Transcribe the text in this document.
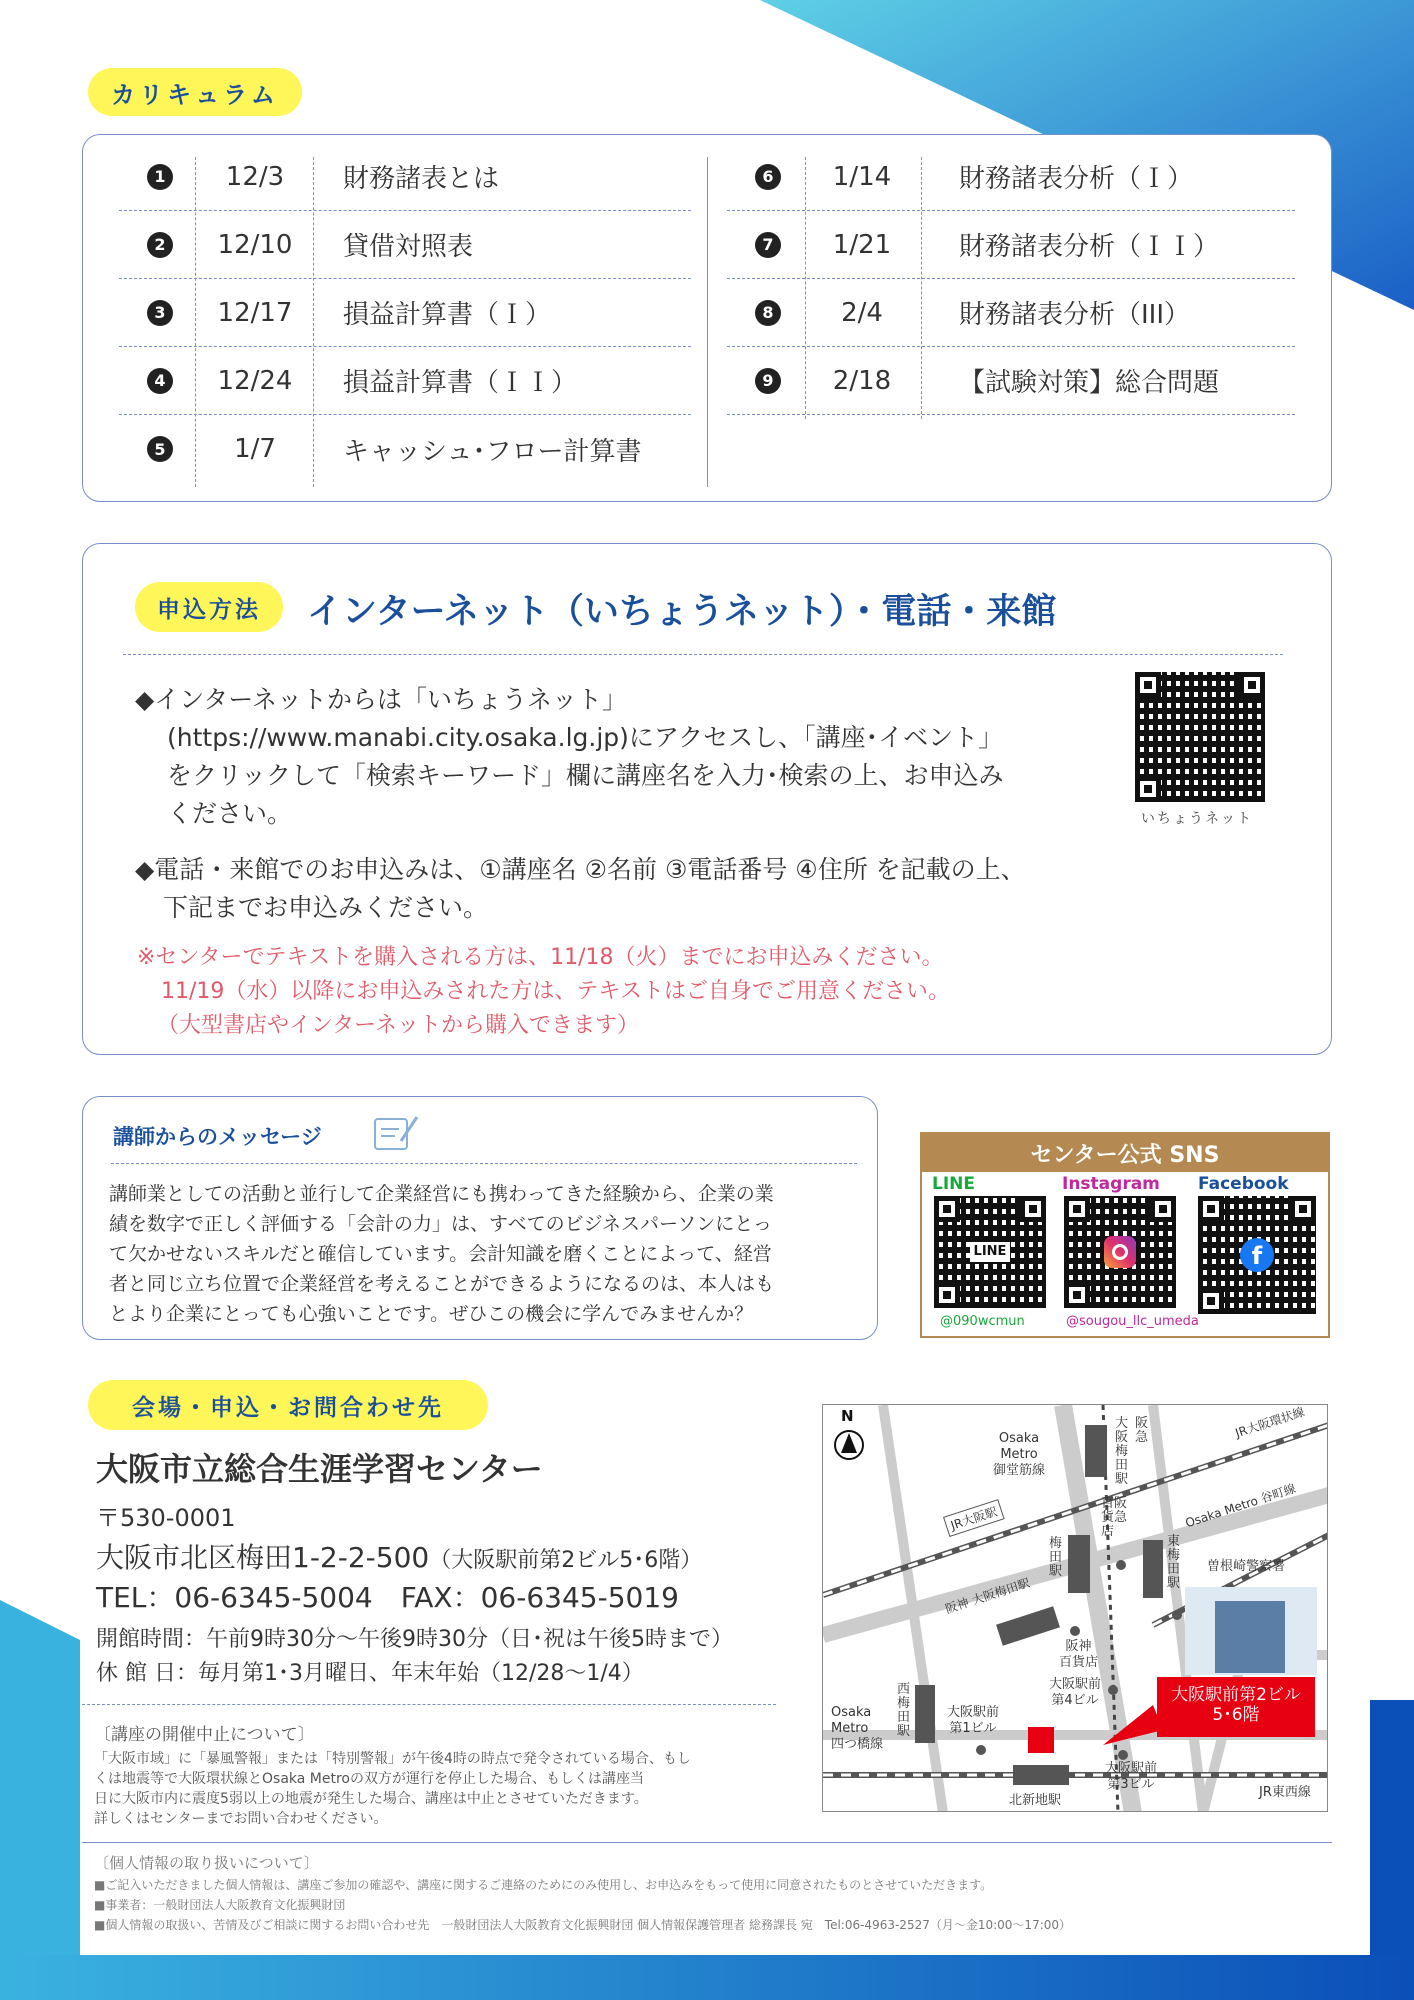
カリキュラム
1	12/3	財務諸表とは
2	12/10	貸借対照表
3	12/17	損益計算書（Ｉ）
4	12/24	損益計算書（ＩＩ）
5	1/7	キャッシュ･フロー計算書
6	1/14	財務諸表分析（Ｉ）
7	1/21	財務諸表分析（ＩＩ）
8	2/4	財務諸表分析（III）
9	2/18	【試験対策】総合問題
申込方法	インターネット（いちょうネット）・電話・来館
◆インターネットからは「いちょうネット」
(https://www.manabi.city.osaka.lg.jp)にアクセスし、「講座･イベント」
をクリックして「検索キーワード」欄に講座名を入力･検索の上、お申込み
ください。
◆電話・来館でのお申込みは、①講座名 ②名前 ③電話番号 ④住所 を記載の上、
下記までお申込みください。
※センターでテキストを購入される方は、11/18（火）までにお申込みください。
11/19（水）以降にお申込みされた方は、テキストはご自身でご用意ください。
（大型書店やインターネットから購入できます）
いちょうネット
講師からのメッセージ
講師業としての活動と並行して企業経営にも携わってきた経験から、企業の業
績を数字で正しく評価する「会計の力」は、すべてのビジネスパーソンにとっ
て欠かせないスキルだと確信しています。会計知識を磨くことによって、経営
者と同じ立ち位置で企業経営を考えることができるようになるのは、本人はも
とより企業にとっても心強いことです。ぜひこの機会に学んでみませんか？
センター公式 SNS
LINE
LINE
@090wcmun
Instagram
@sougou_llc_umeda
Facebook
f
会場・申込・お問合わせ先
大阪市立総合生涯学習センター
〒530-0001
大阪市北区梅田1-2-2-500（大阪駅前第2ビル5･6階）
TEL：06-6345-5004　FAX：06-6345-5019
開館時間：午前9時30分～午後9時30分（日･祝は午後5時まで）
休 館 日：毎月第1･3月曜日、年末年始（12/28～1/4）
〔講座の開催中止について〕
「大阪市域」に「暴風警報」または「特別警報」が午後4時の時点で発令されている場合、もし
くは地震等で大阪環状線とOsaka Metroの双方が運行を停止した場合、もしくは講座当
日に大阪市内に震度5弱以上の地震が発生した場合、講座は中止とさせていただきます。
詳しくはセンターまでお問い合わせください。
N
Osaka
Metro
御堂筋線
大
阪
梅
田
駅
阪
急	JR大阪環状線
JR大阪駅
梅
田
駅
百阪
貨急
店
Osaka Metro 谷町線
東
梅
田
駅
曽根崎警察署
阪神 大阪梅田駅
阪神
百貨店
大阪駅前
第4ビル	大阪駅前第2ビル
5･6階
西
梅
田
駅
Osaka
Metro
四つ橋線
大阪駅前
第1ビル
大阪駅前
第3ビル
北新地駅
JR東西線
〔個人情報の取り扱いについて〕
■ご記入いただきました個人情報は、講座ご参加の確認や、講座に関するご連絡のためにのみ使用し、お申込みをもって使用に同意されたものとさせていただきます。
■事業者：一般財団法人大阪教育文化振興財団
■個人情報の取扱い、苦情及びご相談に関するお問い合わせ先　一般財団法人大阪教育文化振興財団 個人情報保護管理者 総務課長 宛　Tel:06-4963-2527（月～金10:00～17:00）
